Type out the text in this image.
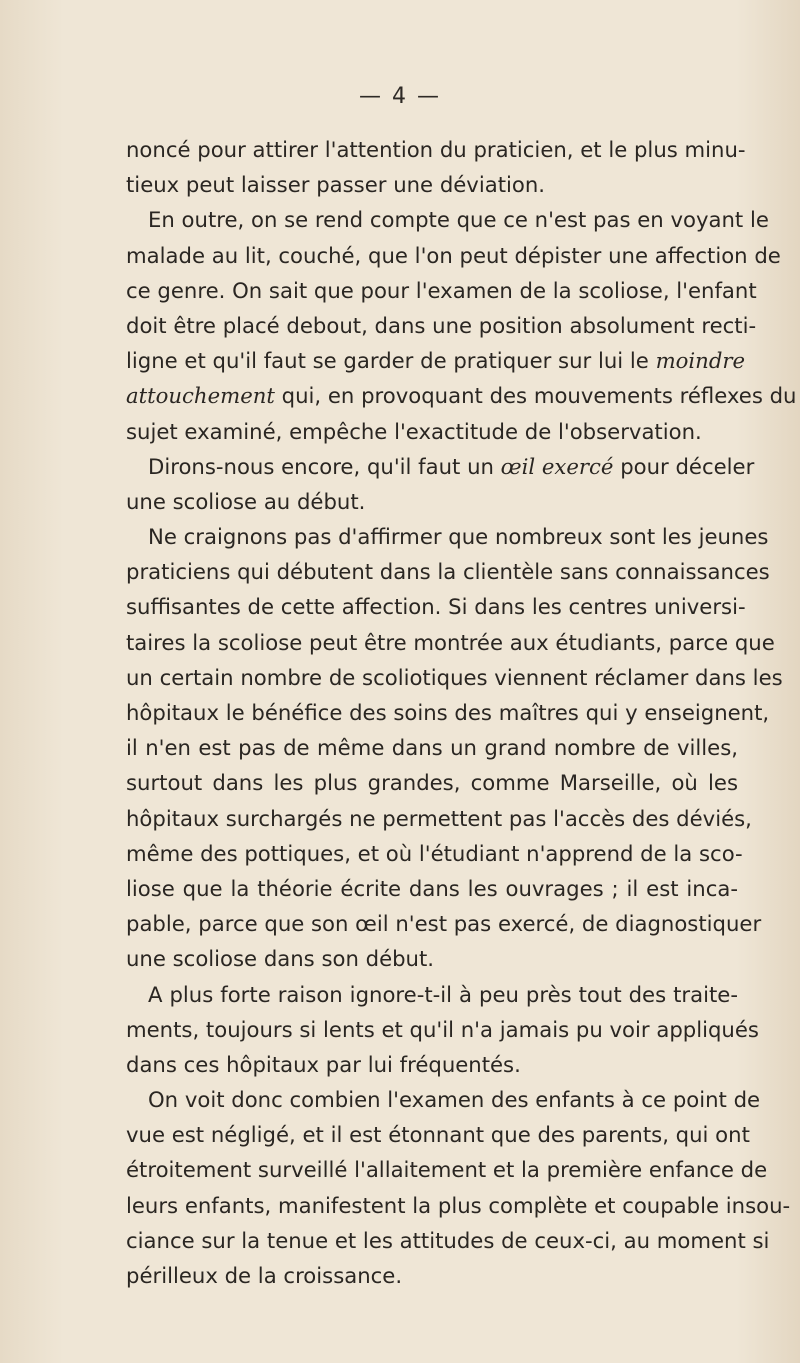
— 4 —
noncé pour attirer l'attention du praticien, et le plus minu-
tieux peut laisser passer une déviation.
En outre, on se rend compte que ce n'est pas en voyant le
malade au lit, couché, que l'on peut dépister une affection de
ce genre. On sait que pour l'examen de la scoliose, l'enfant
doit être placé debout, dans une position absolument recti-
ligne et qu'il faut se garder de pratiquer sur lui le moindre
attouchement qui, en provoquant des mouvements réflexes du
sujet examiné, empêche l'exactitude de l'observation.
Dirons-nous encore, qu'il faut un œil exercé pour déceler
une scoliose au début.
Ne craignons pas d'affirmer que nombreux sont les jeunes
praticiens qui débutent dans la clientèle sans connaissances
suffisantes de cette affection. Si dans les centres universi-
taires la scoliose peut être montrée aux étudiants, parce que
un certain nombre de scoliotiques viennent réclamer dans les
hôpitaux le bénéfice des soins des maîtres qui y enseignent,
il n'en est pas de même dans un grand nombre de villes,
surtout dans les plus grandes, comme Marseille, où les
hôpitaux surchargés ne permettent pas l'accès des déviés,
même des pottiques, et où l'étudiant n'apprend de la sco-
liose que la théorie écrite dans les ouvrages ; il est inca-
pable, parce que son œil n'est pas exercé, de diagnostiquer
une scoliose dans son début.
A plus forte raison ignore-t-il à peu près tout des traite-
ments, toujours si lents et qu'il n'a jamais pu voir appliqués
dans ces hôpitaux par lui fréquentés.
On voit donc combien l'examen des enfants à ce point de
vue est négligé, et il est étonnant que des parents, qui ont
étroitement surveillé l'allaitement et la première enfance de
leurs enfants, manifestent la plus complète et coupable insou-
ciance sur la tenue et les attitudes de ceux-ci, au moment si
périlleux de la croissance.
